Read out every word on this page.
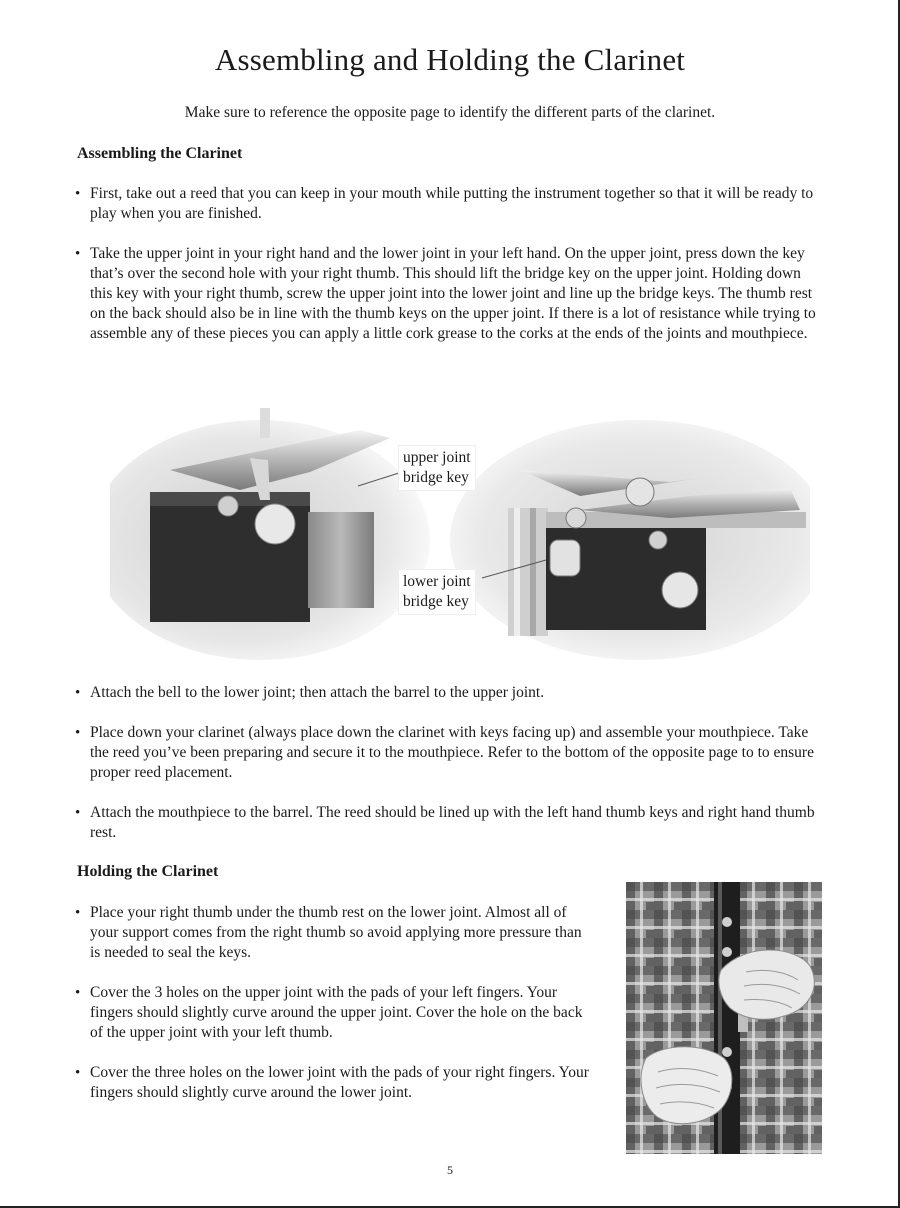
Assembling and Holding the Clarinet
Make sure to reference the opposite page to identify the different parts of the clarinet.
Assembling the Clarinet
• First, take out a reed that you can keep in your mouth while putting the instrument together so that it will be ready to play when you are finished.
• Take the upper joint in your right hand and the lower joint in your left hand. On the upper joint, press down the key that’s over the second hole with your right thumb. This should lift the bridge key on the upper joint. Holding down this key with your right thumb, screw the upper joint into the lower joint and line up the bridge keys. The thumb rest on the back should also be in line with the thumb keys on the upper joint. If there is a lot of resistance while trying to assemble any of these pieces you can apply a little cork grease to the corks at the ends of the joints and mouthpiece.
upper joint
bridge key
lower joint
bridge key
• Attach the bell to the lower joint; then attach the barrel to the upper joint.
• Place down your clarinet (always place down the clarinet with keys facing up) and assemble your mouthpiece. Take the reed you’ve been preparing and secure it to the mouthpiece. Refer to the bottom of the opposite page to to ensure proper reed placement.
• Attach the mouthpiece to the barrel. The reed should be lined up with the left hand thumb keys and right hand thumb rest.
Holding the Clarinet
• Place your right thumb under the thumb rest on the lower joint. Almost all of your support comes from the right thumb so avoid applying more pressure than is needed to seal the keys.
• Cover the 3 holes on the upper joint with the pads of your left fingers. Your fingers should slightly curve around the upper joint. Cover the hole on the back of the upper joint with your left thumb.
• Cover the three holes on the lower joint with the pads of your right fingers. Your fingers should slightly curve around the lower joint.
5
